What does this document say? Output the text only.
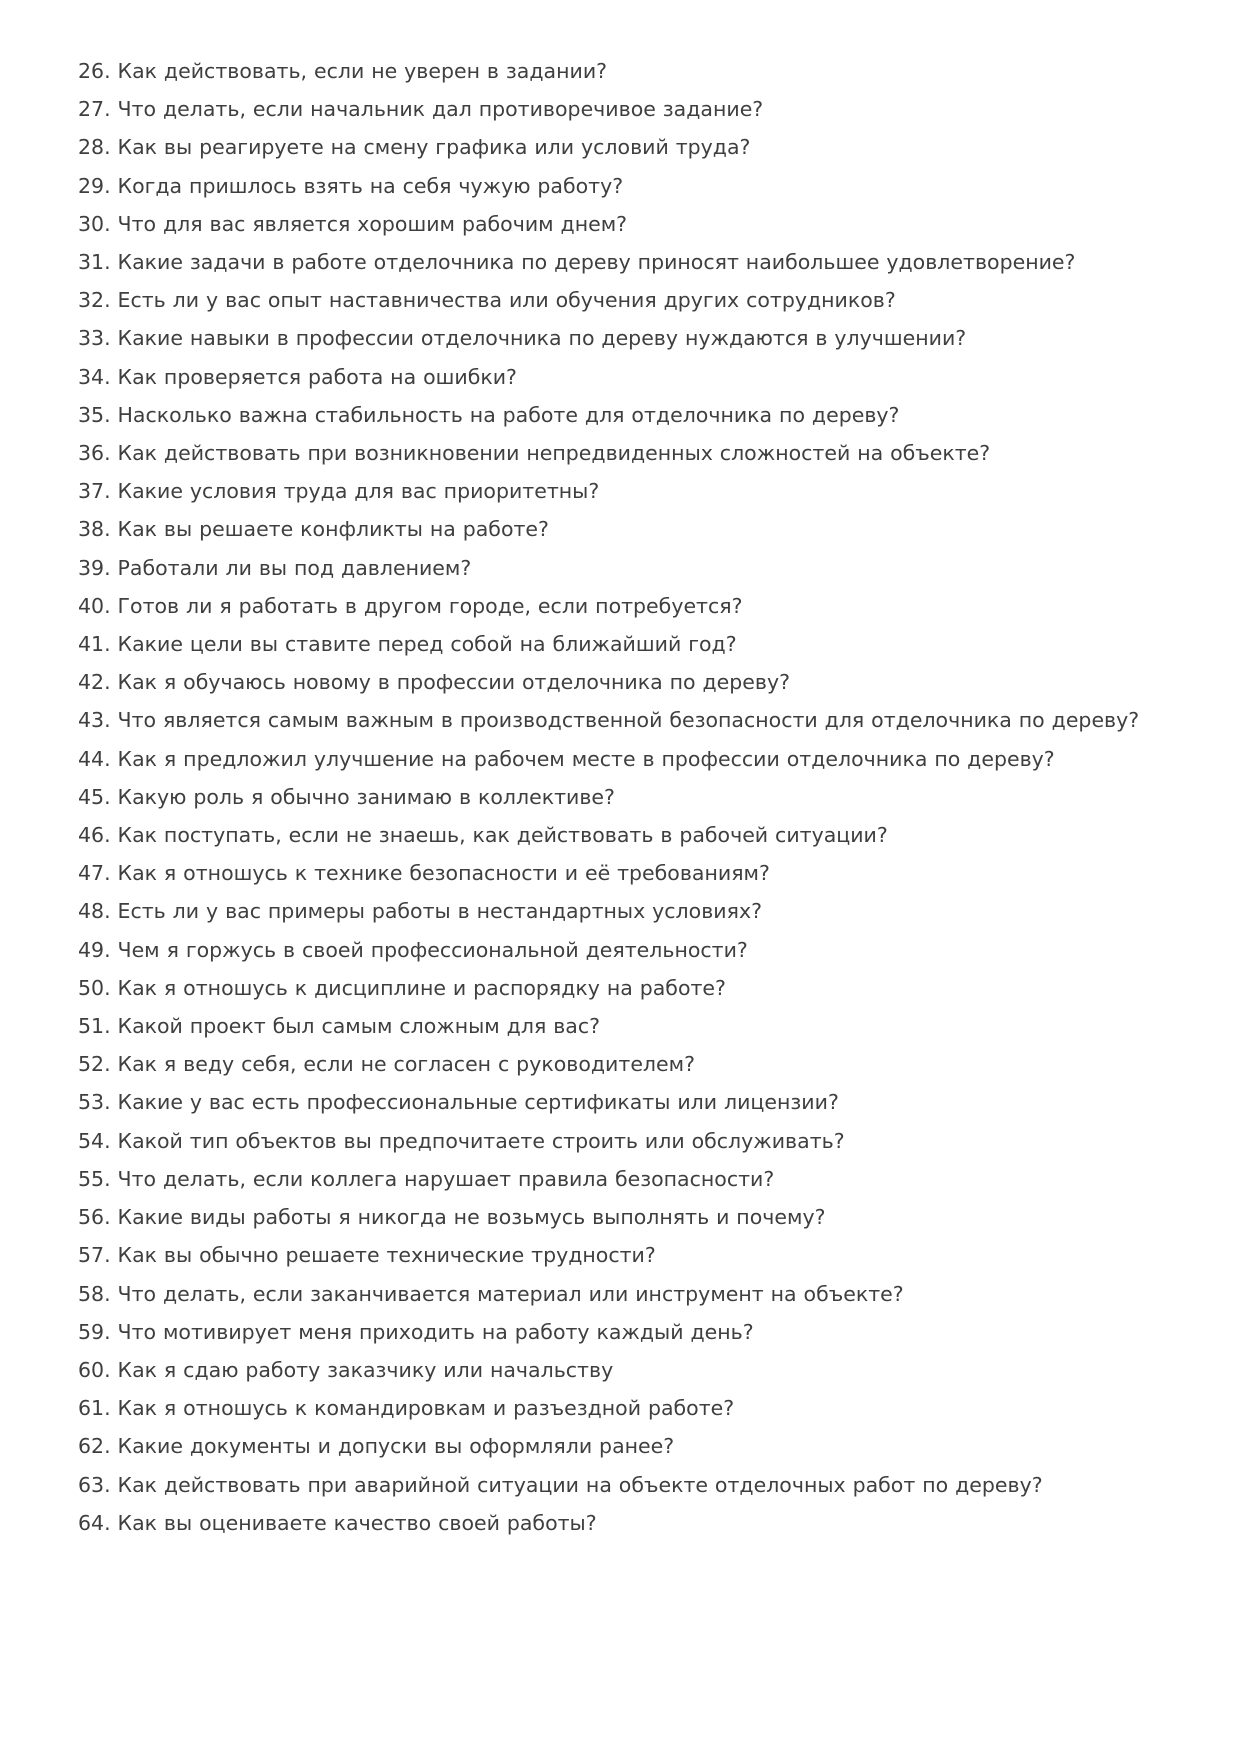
26. Как действовать, если не уверен в задании?
27. Что делать, если начальник дал противоречивое задание?
28. Как вы реагируете на смену графика или условий труда?
29. Когда пришлось взять на себя чужую работу?
30. Что для вас является хорошим рабочим днем?
31. Какие задачи в работе отделочника по дереву приносят наибольшее удовлетворение?
32. Есть ли у вас опыт наставничества или обучения других сотрудников?
33. Какие навыки в профессии отделочника по дереву нуждаются в улучшении?
34. Как проверяется работа на ошибки?
35. Насколько важна стабильность на работе для отделочника по дереву?
36. Как действовать при возникновении непредвиденных сложностей на объекте?
37. Какие условия труда для вас приоритетны?
38. Как вы решаете конфликты на работе?
39. Работали ли вы под давлением?
40. Готов ли я работать в другом городе, если потребуется?
41. Какие цели вы ставите перед собой на ближайший год?
42. Как я обучаюсь новому в профессии отделочника по дереву?
43. Что является самым важным в производственной безопасности для отделочника по дереву?
44. Как я предложил улучшение на рабочем месте в профессии отделочника по дереву?
45. Какую роль я обычно занимаю в коллективе?
46. Как поступать, если не знаешь, как действовать в рабочей ситуации?
47. Как я отношусь к технике безопасности и её требованиям?
48. Есть ли у вас примеры работы в нестандартных условиях?
49. Чем я горжусь в своей профессиональной деятельности?
50. Как я отношусь к дисциплине и распорядку на работе?
51. Какой проект был самым сложным для вас?
52. Как я веду себя, если не согласен с руководителем?
53. Какие у вас есть профессиональные сертификаты или лицензии?
54. Какой тип объектов вы предпочитаете строить или обслуживать?
55. Что делать, если коллега нарушает правила безопасности?
56. Какие виды работы я никогда не возьмусь выполнять и почему?
57. Как вы обычно решаете технические трудности?
58. Что делать, если заканчивается материал или инструмент на объекте?
59. Что мотивирует меня приходить на работу каждый день?
60. Как я сдаю работу заказчику или начальству
61. Как я отношусь к командировкам и разъездной работе?
62. Какие документы и допуски вы оформляли ранее?
63. Как действовать при аварийной ситуации на объекте отделочных работ по дереву?
64. Как вы оцениваете качество своей работы?
